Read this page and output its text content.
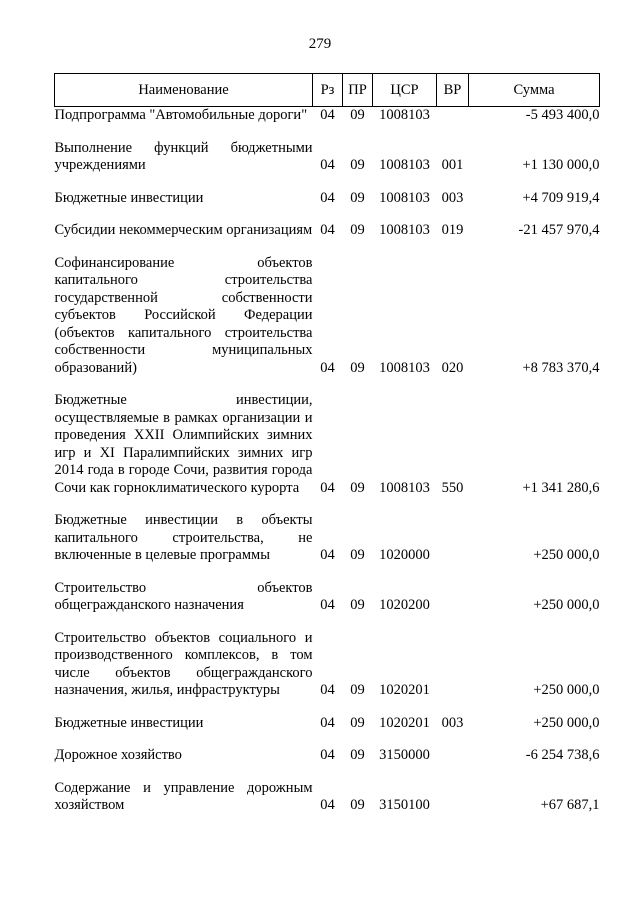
279
Наименование	Рз	ПР	ЦСР	ВР	Сумма
Подпрограмма "Автомобильные дороги"	04	09	1008103		-5 493 400,0
Выполнение функций бюджетными учреждениями	04	09	1008103	001	+1 130 000,0
Бюджетные инвестиции	04	09	1008103	003	+4 709 919,4
Субсидии некоммерческим организациям	04	09	1008103	019	-21 457 970,4
Софинансирование объектов капитального строительства государственной собственности субъектов Российской Федерации (объектов капитального строительства собственности муниципальных образований)	04	09	1008103	020	+8 783 370,4
Бюджетные инвестиции, осуществляемые в рамках организации и проведения XXII Олимпийских зимних игр и XI Паралимпийских зимних игр 2014 года в городе Сочи, развития города Сочи как горноклиматического курорта	04	09	1008103	550	+1 341 280,6
Бюджетные инвестиции в объекты капитального строительства, не включенные в целевые программы	04	09	1020000		+250 000,0
Строительство объектов общегражданского назначения	04	09	1020200		+250 000,0
Строительство объектов социального и производственного комплексов, в том числе объектов общегражданского назначения, жилья, инфраструктуры	04	09	1020201		+250 000,0
Бюджетные инвестиции	04	09	1020201	003	+250 000,0
Дорожное хозяйство	04	09	3150000		-6 254 738,6
Содержание и управление дорожным хозяйством	04	09	3150100		+67 687,1
